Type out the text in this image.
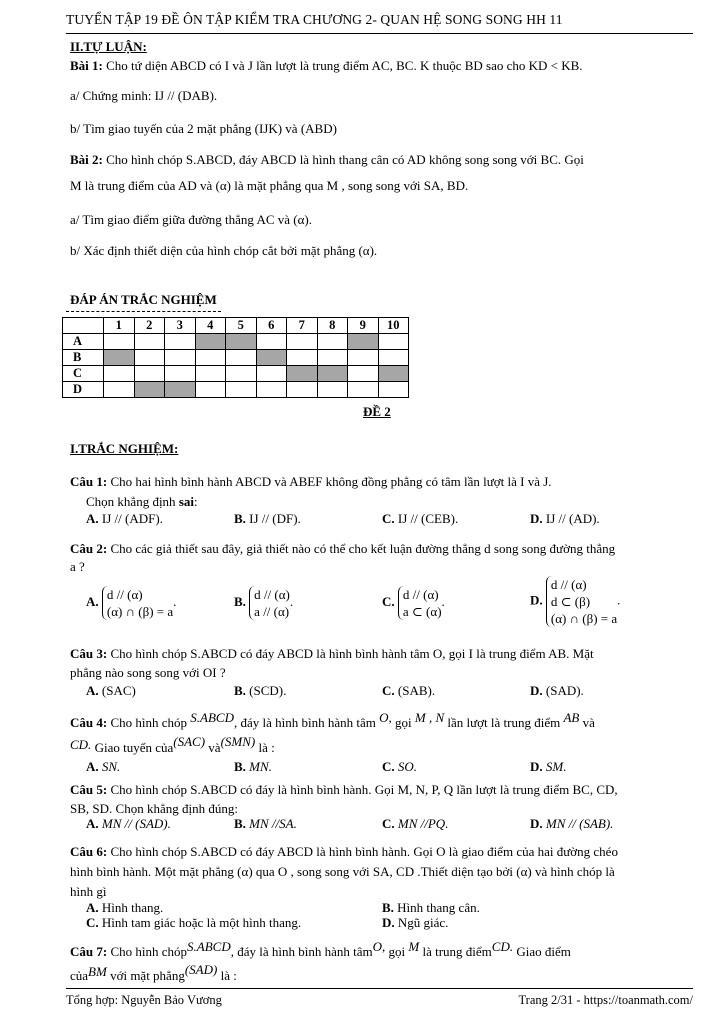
TUYỂN TẬP 19 ĐỀ ÔN TẬP KIỂM TRA CHƯƠNG 2- QUAN HỆ SONG SONG HH 11
II.TỰ LUẬN:
Bài 1: Cho tứ diện ABCD có I và J lần lượt là trung điểm AC, BC. K thuộc BD sao cho KD < KB.
a/ Chứng minh: IJ // (DAB).
b/ Tìm giao tuyến của 2 mặt phẳng (IJK) và (ABD)
Bài 2: Cho hình chóp S.ABCD, đáy ABCD là hình thang cân có AD không song song với BC. Gọi
M là trung điểm của AD và (α) là mặt phẳng qua M , song song với SA, BD.
a/ Tìm giao điểm giữa đường thẳng AC và (α).
b/ Xác định thiết diện của hình chóp cắt bởi mặt phẳng (α).
ĐÁP ÁN TRẮC NGHIỆM
	1	2	3	4	5	6	7	8	9	10
A										
B										
C										
D										
ĐỀ 2
I.TRẮC NGHIỆM:
Câu 1: Cho hai hình bình hành ABCD và ABEF không đồng phẳng có tâm lần lượt là I và J.
Chọn khẳng định sai:
A. IJ // (ADF).	B. IJ // (DF).	C. IJ // (CEB).	D. IJ // (AD).
Câu 2: Cho các giả thiết sau đây, giả thiết nào có thể cho kết luận đường thẳng d song song đường thẳng
a ?
A. d // (α)
(α) ∩ (β) = a.	B. d // (α)
a // (α).	C. d // (α)
a ⊂ (α).	D. d // (α)
d ⊂ (β)
(α) ∩ (β) = a.
Câu 3: Cho hình chóp S.ABCD có đáy ABCD là hình bình hành tâm O, gọi I là trung điểm AB. Mặt
phẳng nào song song với OI ?
A. (SAC)	B. (SCD).	C. (SAB).	D. (SAD).
Câu 4: Cho hình chóp S.ABCD, đáy là hình bình hành tâm O, gọi M , N lần lượt là trung điểm AB và
CD. Giao tuyến của(SAC) và(SMN) là :
A. SN.	B. MN.	C. SO.	D. SM.
Câu 5: Cho hình chóp S.ABCD có đáy là hình bình hành. Gọi M, N, P, Q lần lượt là trung điểm BC, CD,
SB, SD. Chọn khẳng định đúng:
A. MN // (SAD).	B. MN //SA.	C. MN //PQ.	D. MN // (SAB).
Câu 6: Cho hình chóp S.ABCD có đáy ABCD là hình bình hành. Gọi O là giao điểm của hai đường chéo
hình bình hành. Một mặt phẳng (α) qua O , song song với SA, CD .Thiết diện tạo bởi (α) và hình chóp là
hình gì
A. Hình thang.	B. Hình thang cân.
C. Hình tam giác hoặc là một hình thang.	D. Ngũ giác.
Câu 7: Cho hình chópS.ABCD, đáy là hình bình hành tâmO, gọi M là trung điểmCD. Giao điểm
củaBM với mặt phẳng(SAD) là :
Tổng hợp: Nguyễn Bảo Vương	Trang 2/31 - https://toanmath.com/
